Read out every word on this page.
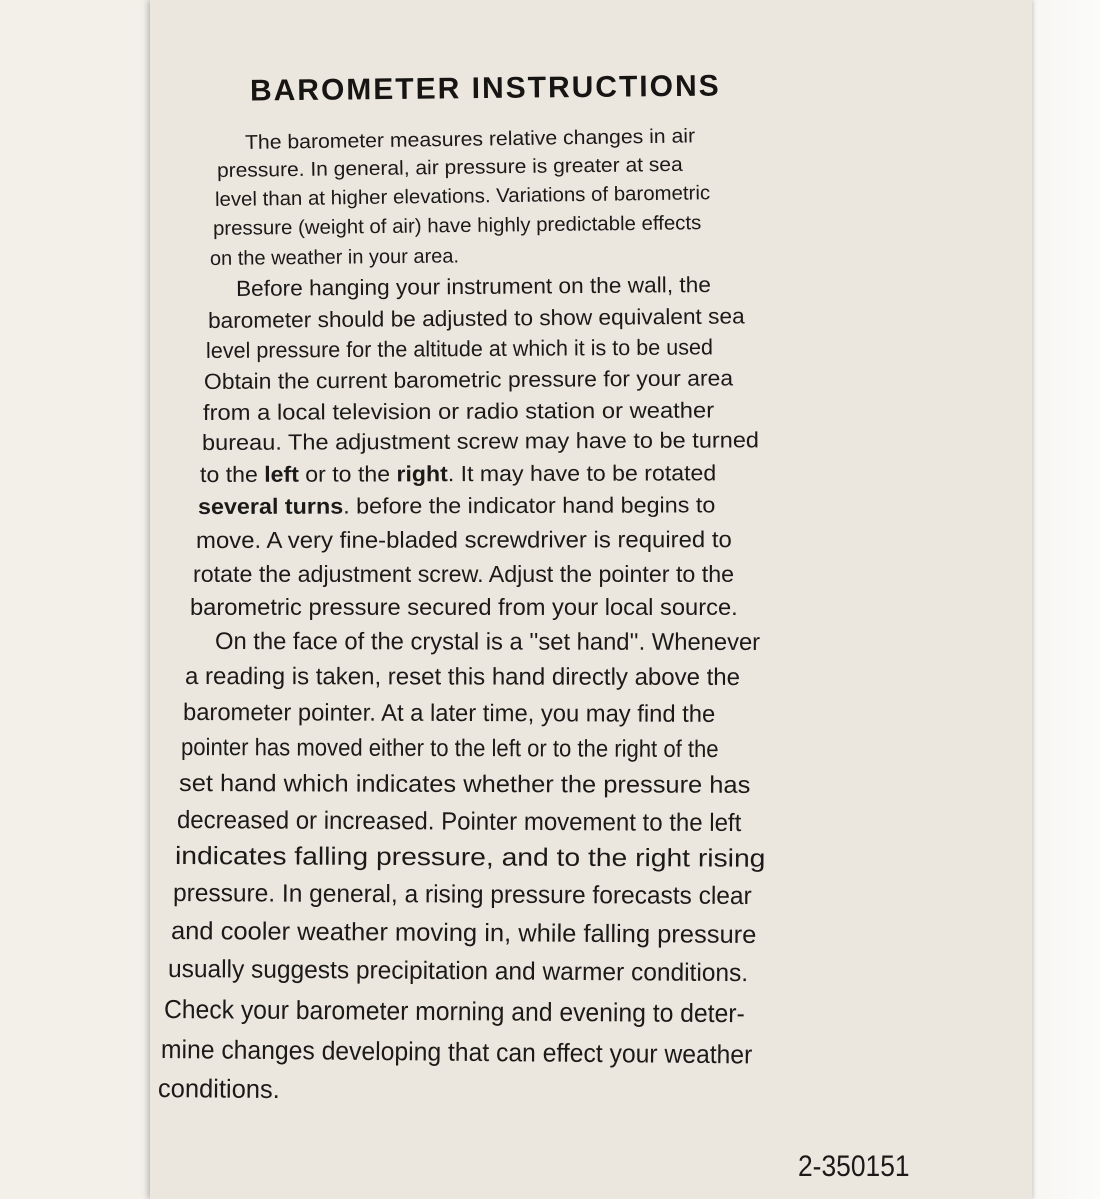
BAROMETER INSTRUCTIONS
The barometer measures relative changes in air
pressure. In general, air pressure is greater at sea
level than at higher elevations. Variations of barometric
pressure (weight of air) have highly predictable effects
on the weather in your area.
Before hanging your instrument on the wall, the
barometer should be adjusted to show equivalent sea
level pressure for the altitude at which it is to be used
Obtain the current barometric pressure for your area
from a local television or radio station or weather
bureau. The adjustment screw may have to be turned
to the left or to the right. It may have to be rotated
several turns. before the indicator hand begins to
move. A very fine-bladed screwdriver is required to
rotate the adjustment screw. Adjust the pointer to the
barometric pressure secured from your local source.
On the face of the crystal is a ''set hand''. Whenever
a reading is taken, reset this hand directly above the
barometer pointer. At a later time, you may find the
pointer has moved either to the left or to the right of the
set hand which indicates whether the pressure has
decreased or increased. Pointer movement to the left
indicates falling pressure, and to the right rising
pressure. In general, a rising pressure forecasts clear
and cooler weather moving in, while falling pressure
usually suggests precipitation and warmer conditions.
Check your barometer morning and evening to deter-
mine changes developing that can effect your weather
conditions.
2-350151
